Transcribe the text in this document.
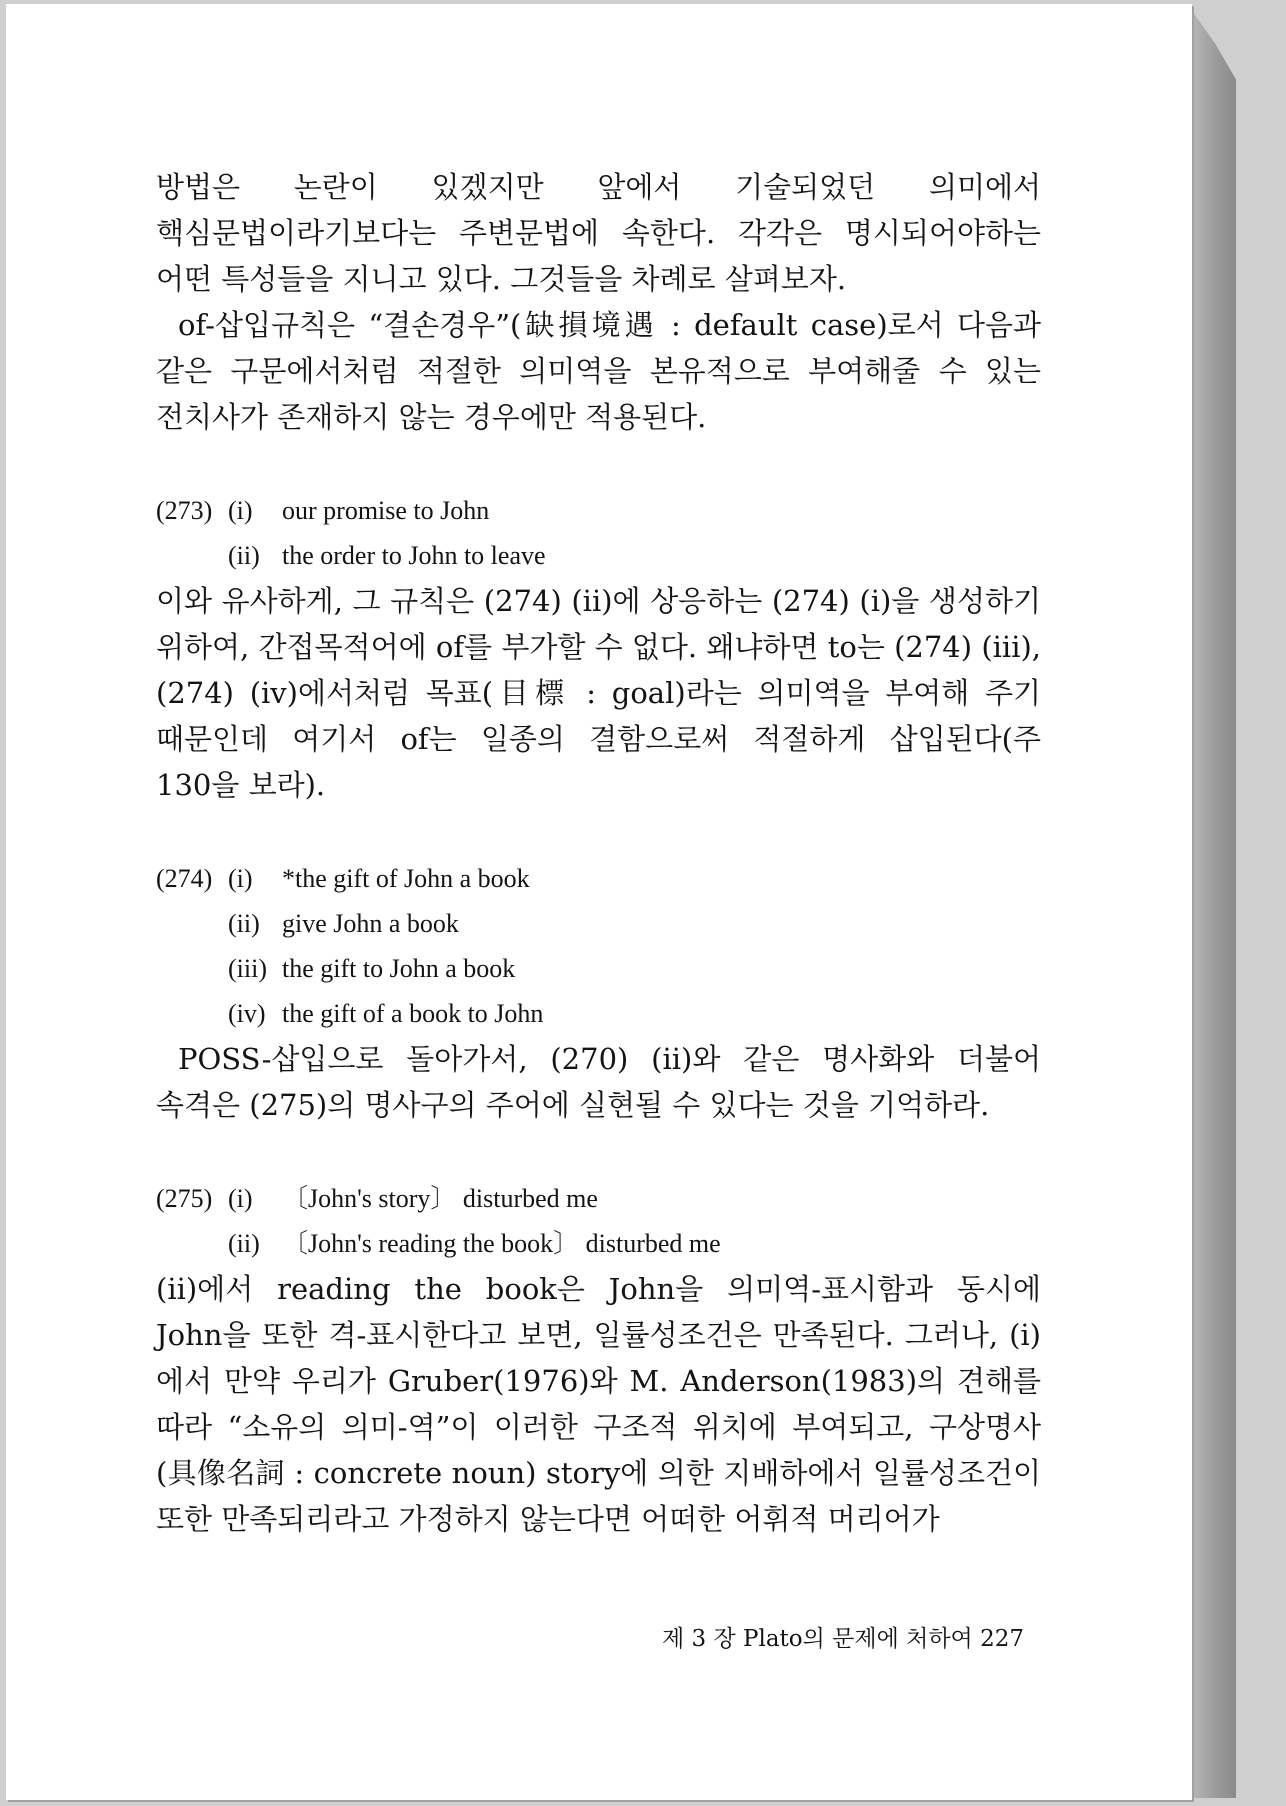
방법은 논란이 있겠지만 앞에서 기술되었던 의미에서 핵심문법이라기보다는 주변문법에 속한다. 각각은 명시되어야하는 어떤 특성들을 지니고 있다. 그것들을 차례로 살펴보자.

of-삽입규칙은 “결손경우”(缺損境遇 : default case)로서 다음과 같은 구문에서처럼 적절한 의미역을 본유적으로 부여해줄 수 있는 전치사가 존재하지 않는 경우에만 적용된다.

(273) (i)	our promise to John
(ii) the order to John to leave

이와 유사하게, 그 규칙은 (274) (ii)에 상응하는 (274) (i)을 생성하기 위하여, 간접목적어에 of를 부가할 수 없다. 왜냐하면 to는 (274) (iii), (274) (iv)에서처럼 목표(目標 : goal)라는 의미역을 부여해 주기 때문인데 여기서 of는 일종의 결함으로써 적절하게 삽입된다(주 130을 보라).

(274) (i)	*the gift of John a book
(ii) give John a book
(iii) the gift to John a book
(iv) the gift of a book to John

POSS-삽입으로 돌아가서, (270) (ii)와 같은 명사화와 더불어 속격은 (275)의 명사구의 주어에 실현될 수 있다는 것을 기억하라.

(275) (i)	〔John's story〕 disturbed me
(ii) 〔John's reading the book〕 disturbed me

(ii)에서 reading the book은 John을 의미역-표시함과 동시에 John을 또한 격-표시한다고 보면, 일률성조건은 만족된다. 그러나, (i)에서 만약 우리가 Gruber(1976)와 M. Anderson(1983)의 견해를 따라 “소유의 의미-역”이 이러한 구조적 위치에 부여되고, 구상명사(具像名詞 : concrete noun) story에 의한 지배하에서 일률성조건이 또한 만족되리라고 가정하지 않는다면 어떠한 어휘적 머리어가

제 3 장 Plato의 문제에 처하여 227
